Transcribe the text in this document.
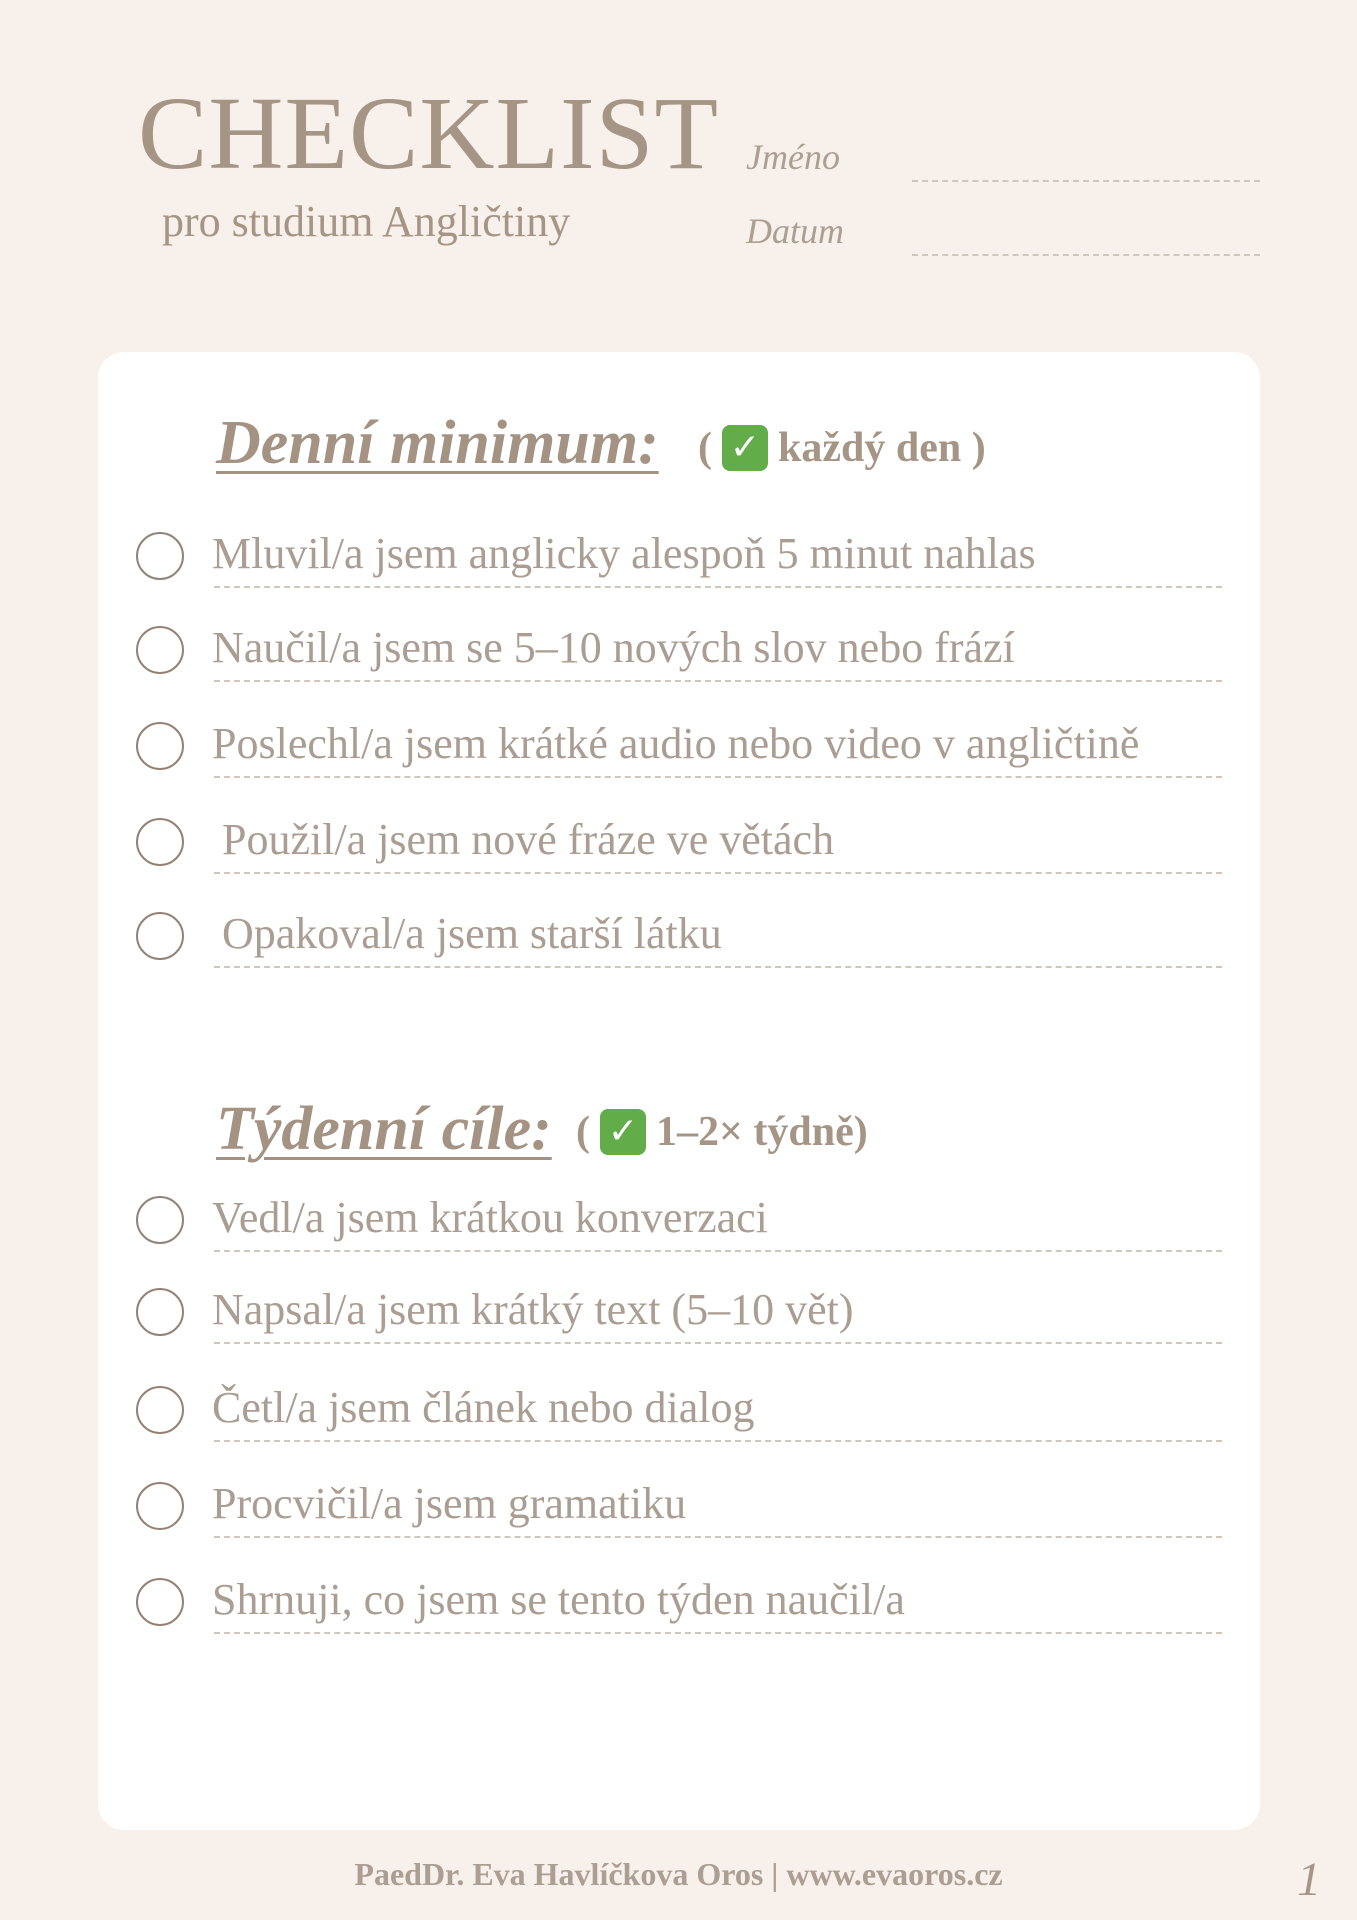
CHECKLIST

pro studium Angličtiny

Jméno
Datum
Denní minimum: ( ✓ každý den )
Mluvil/a jsem anglicky alespoň 5 minut nahlas
Naučil/a jsem se 5–10 nových slov nebo frází
Poslechl/a jsem krátké audio nebo video v angličtině
Použil/a jsem nové fráze ve větách
Opakoval/a jsem starší látku
Týdenní cíle: ( ✓ 1–2× týdně)
Vedl/a jsem krátkou konverzaci
Napsal/a jsem krátký text (5–10 vět)
Četl/a jsem článek nebo dialog
Procvičil/a jsem gramatiku
Shrnuji, co jsem se tento týden naučil/a
PaedDr. Eva Havlíčkova Oros | www.evaoros.cz	1
